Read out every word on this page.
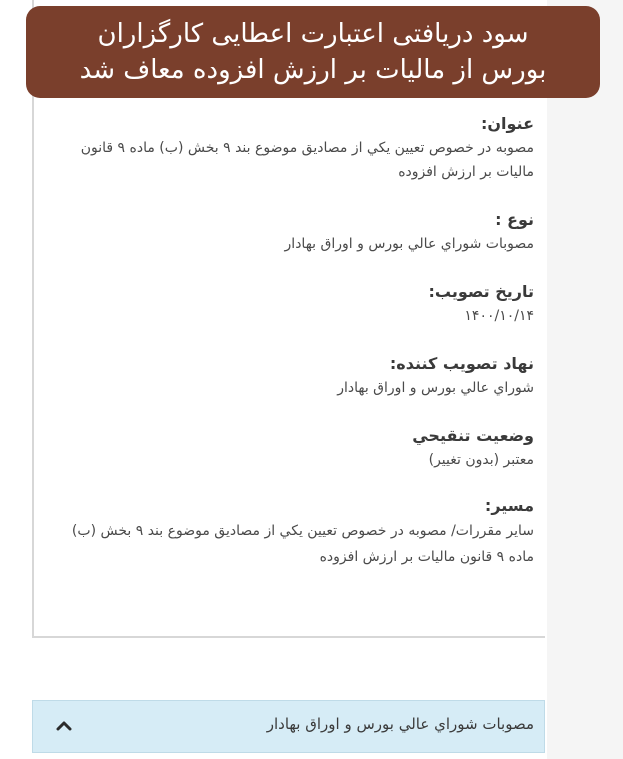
سود دریافتی اعتبارت اعطایی کارگزاران
بورس از مالیات بر ارزش افزوده معاف شد
عنوان:
مصوبه در خصوص تعيين يكي از مصاديق موضوع بند ۹ بخش (ب) ماده ۹ قانون ماليات بر ارزش افزوده
نوع :
مصوبات شوراي عالي بورس و اوراق بهادار
تاريخ تصويب:
۱۴۰۰/۱۰/۱۴
نهاد تصويب كننده:
شوراي عالي بورس و اوراق بهادار
وضعيت تنقيحي
معتبر (بدون تغيير)
مسير:
ساير مقررات/ مصوبه در خصوص تعيين يكي از مصاديق موضوع بند ۹ بخش (ب) ماده ۹ قانون ماليات بر ارزش افزوده
مصوبات شوراي عالي بورس و اوراق بهادار
